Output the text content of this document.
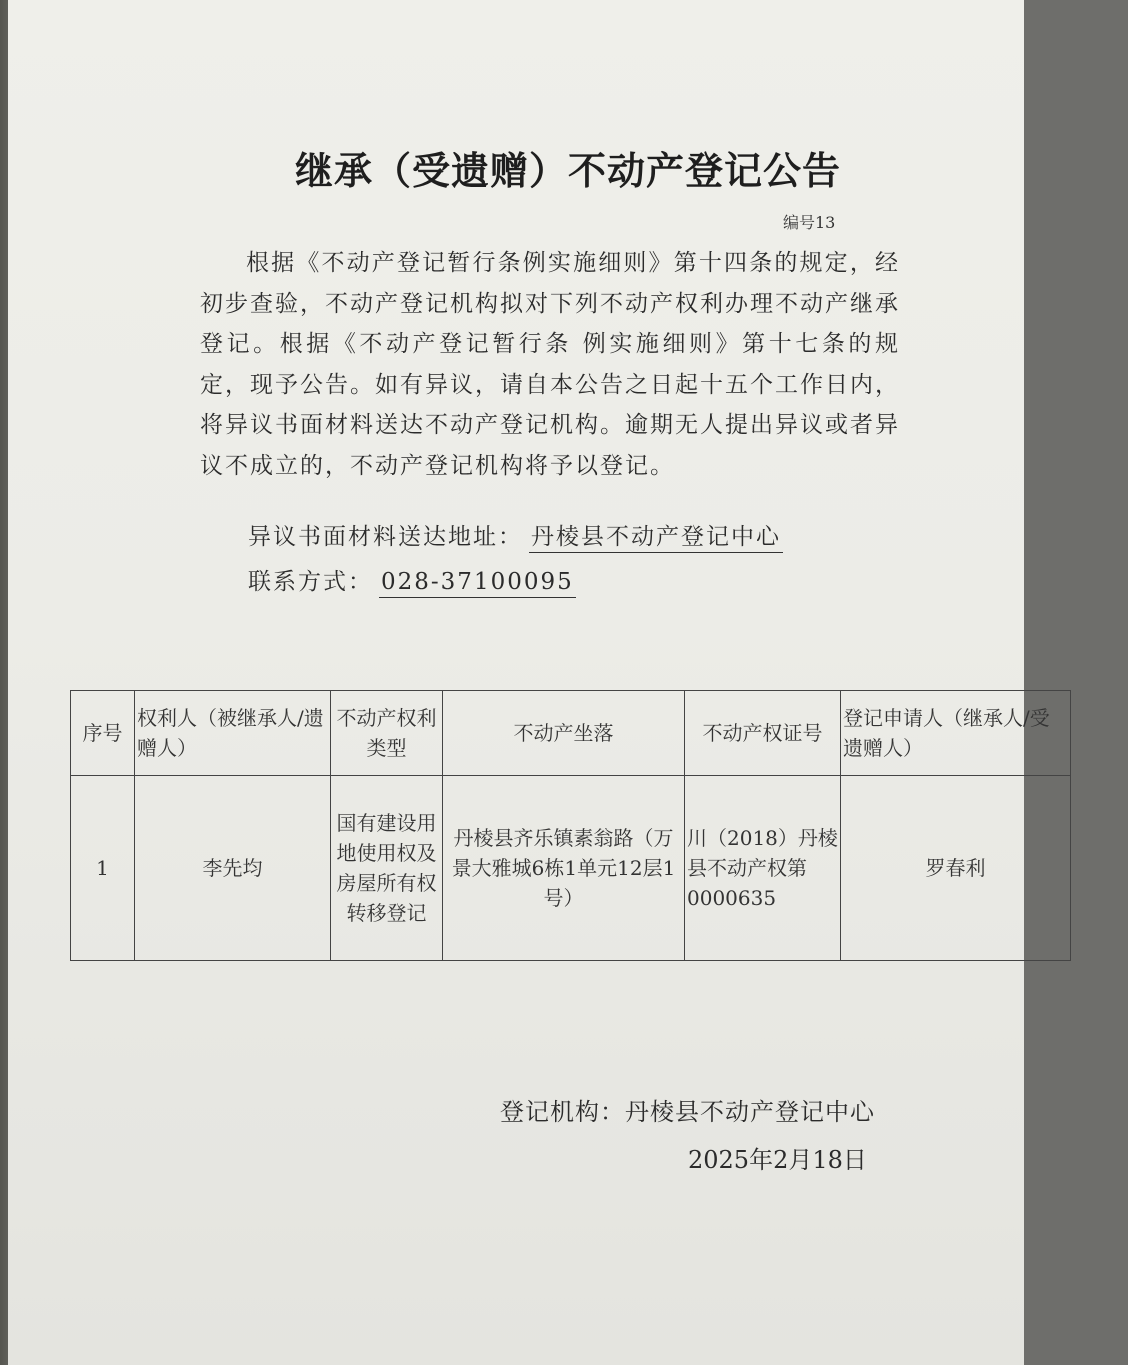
继承（受遗赠）不动产登记公告
编号13
根据《不动产登记暂行条例实施细则》第十四条的规定，经初步查验，不动产登记机构拟对下列不动产权利办理不动产继承登记。根据《不动产登记暂行条 例实施细则》第十七条的规定，现予公告。如有异议，请自本公告之日起十五个工作日内，将异议书面材料送达不动产登记机构。逾期无人提出异议或者异议不成立的，不动产登记机构将予以登记。
异议书面材料送达地址： 丹棱县不动产登记中心
联系方式： 028-37100095
序号	权利人（被继承人/遗赠人）	不动产权利类型	不动产坐落	不动产权证号	登记申请人（继承人/受遗赠人）
1	李先均	国有建设用地使用权及房屋所有权转移登记	丹棱县齐乐镇素翁路（万景大雅城6栋1单元12层1号）	川（2018）丹棱县不动产权第0000635	罗春利
登记机构：丹棱县不动产登记中心
2025年2月18日
